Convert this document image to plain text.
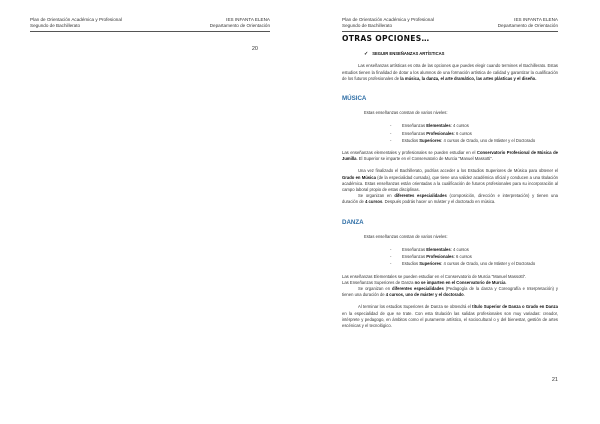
Plan de Orientación Académica y Profesional
Segundo de Bachillerato
IES INFANTA ELENA
Departamento de Orientación
20
Plan de Orientación Académica y Profesional
Segundo de Bachillerato
IES INFANTA ELENA
Departamento de Orientación
OTRAS OPCIONES…
✓ SEGUIR ENSEÑANZAS ARTÍSTICAS

Las enseñanzas artísticas es otra de las opciones que puedes elegir cuando termines el Bachillerato. Estas estudios tienen la finalidad de dotar a los alumnos de una formación artística de calidad y garantizar la cualificación de los futuros profesionales de la música, la danza, el arte dramático, las artes plásticas y el diseño.

MÚSICA
Estas enseñanzas constan de varios niveles:
- Enseñanzas Elementales: 4 cursos
- Enseñanzas Profesionales: 6 cursos
- Estudios Superiores: 4 cursos de Grado, uno de Máster y el Doctorado

Las enseñanzas elementales y profesionales se pueden estudiar en el Conservatorio Profesional de Música de Jumilla. El Superior se imparte en el Conservatorio de Murcia "Manuel Massotti".

Una vez finalizado el Bachillerato, podrías acceder a los Estudios Superiores de Música para obtener el Grado en Música (de la especialidad cursada), que tiene una validez académica oficial y conducen a una titulación académica. Estas enseñanzas están orientadas a la cualificación de futuros profesionales para su incorporación al campo laboral propio de estas disciplinas.

Se organizan en diferentes especialidades (composición, dirección e interpretación) y tienen una duración de 4 cursos. Después podrás hacer un máster y el doctorado en música.

DANZA
Estas enseñanzas constan de varios niveles:
- Enseñanzas Elementales: 4 cursos
- Enseñanzas Profesionales: 6 cursos
- Estudios Superiores: 4 cursos de Grado, uno de Máster y el Doctorado

Las enseñanzas Elementales se pueden estudiar en el Conservatorio de Murcia "Manuel Massotti".

Las Enseñanzas Superiores de Danza no se imparten en el Conservatorio de Murcia.

Se organizan en diferentes especialidades (Pedagogía de la danza y Coreografía e Interpretación) y tienen una duración de 4 cursos, uno de máster y el doctorado.

Al terminar los estudios Superiores de Danza se obtendrá el título Superior de Danza o Grado en Danza en la especialidad de que se trate. Con esta titulación las salidas profesionales son muy variadas: creador, intérprete y pedagogo, en ámbitos como el puramente artístico, el sociocultural o y del bienestar, gestión de artes escénicas y el tecnológico.

21
